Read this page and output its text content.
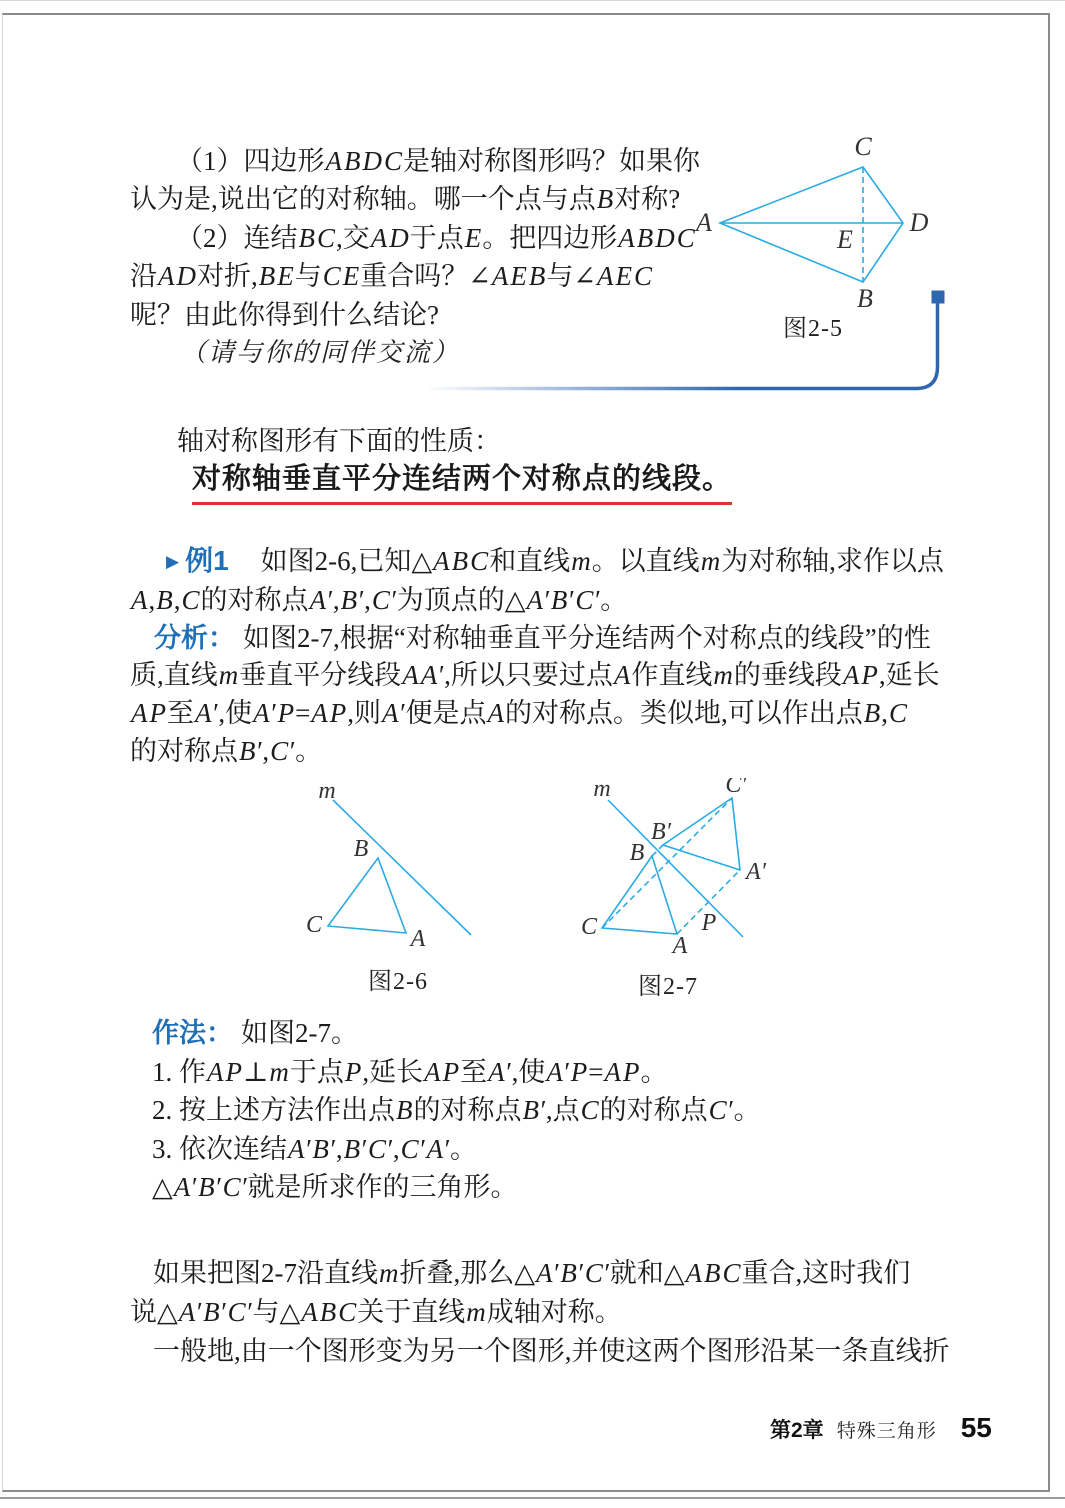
（1）四边形ABDC是轴对称图形吗？如果你
认为是,说出它的对称轴。哪一个点与点B对称?
（2）连结BC,交AD于点E。把四边形ABDC
沿AD对折,BE与CE重合吗？∠AEB与∠AEC
呢？由此你得到什么结论?
（请与你的同伴交流）
C
A	D
B
E
图2-5
轴对称图形有下面的性质：
对称轴垂直平分连结两个对称点的线段。
▶ 例1 如图2-6,已知△ABC和直线m。以直线m为对称轴,求作以点
A,B,C的对称点A′,B′,C′为顶点的△A′B′C′。
分析： 如图2-7,根据“对称轴垂直平分连结两个对称点的线段”的性
质,直线m垂直平分线段AA′,所以只要过点A作直线m的垂线段AP,延长
AP至A′,使A′P=AP,则A′便是点A的对称点。类似地,可以作出点B,C
的对称点B′,C′。
m
B
C
A
图2-6
m	C′
B′
B
A′
C
A
P
图2-7
作法： 如图2-7。
1. 作AP⊥m于点P,延长AP至A′,使A′P=AP。
2. 按上述方法作出点B的对称点B′,点C的对称点C′。
3. 依次连结A′B′,B′C′,C′A′。
△A′B′C′就是所求作的三角形。
如果把图2-7沿直线m折叠,那么△A′B′C′就和△ABC重合,这时我们
说△A′B′C′与△ABC关于直线m成轴对称。
一般地,由一个图形变为另一个图形,并使这两个图形沿某一条直线折
第2章 特殊三角形 55
